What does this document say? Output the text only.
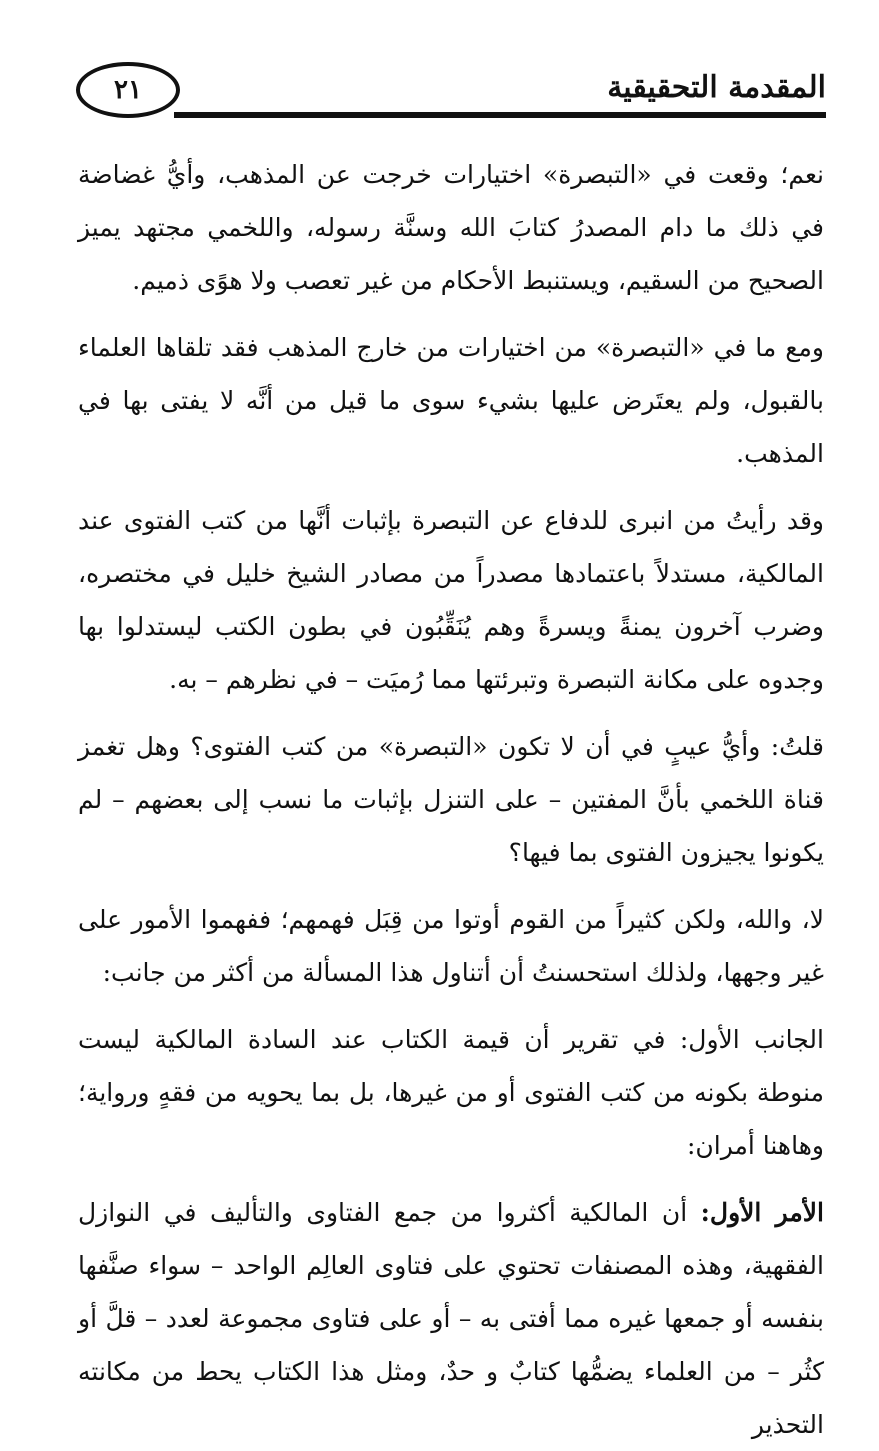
٢١	المقدمة التحقيقية

نعم؛ وقعت في «التبصرة» اختيارات خرجت عن المذهب، وأيُّ غضاضة في ذلك ما دام المصدرُ كتابَ الله وسنَّة رسوله، واللخمي مجتهد يميز الصحيح من السقيم، ويستنبط الأحكام من غير تعصب ولا هوًى ذميم.

ومع ما في «التبصرة» من اختيارات من خارج المذهب فقد تلقاها العلماء بالقبول، ولم يعتَرض عليها بشيء سوى ما قيل من أنَّه لا يفتى بها في المذهب.

وقد رأيتُ من انبرى للدفاع عن التبصرة بإثبات أنَّها من كتب الفتوى عند المالكية، مستدلاً باعتمادها مصدراً من مصادر الشيخ خليل في مختصره، وضرب آخرون يمنةً ويسرةً وهم يُنَقِّبُون في بطون الكتب ليستدلوا بها وجدوه على مكانة التبصرة وتبرئتها مما رُميَت – في نظرهم – به.

قلتُ: وأيُّ عيبٍ في أن لا تكون «التبصرة» من كتب الفتوى؟ وهل تغمز قناة اللخمي بأنَّ المفتين – على التنزل بإثبات ما نسب إلى بعضهم – لم يكونوا يجيزون الفتوى بما فيها؟

لا، والله، ولكن كثيراً من القوم أوتوا من قِبَل فهمهم؛ ففهموا الأمور على غير وجهها، ولذلك استحسنتُ أن أتناول هذا المسألة من أكثر من جانب:

الجانب الأول: في تقرير أن قيمة الكتاب عند السادة المالكية ليست منوطة بكونه من كتب الفتوى أو من غيرها، بل بما يحويه من فقهٍ ورواية؛ وهاهنا أمران:

الأمر الأول: أن المالكية أكثروا من جمع الفتاوى والتأليف في النوازل الفقهية، وهذه المصنفات تحتوي على فتاوى العالِم الواحد – سواء صنَّفها بنفسه أو جمعها غيره مما أفتى به – أو على فتاوى مجموعة لعدد – قلَّ أو كثُر – من العلماء يضمُّها كتابٌ و حدٌ، ومثل هذا الكتاب يحط من مكانته التحذير
